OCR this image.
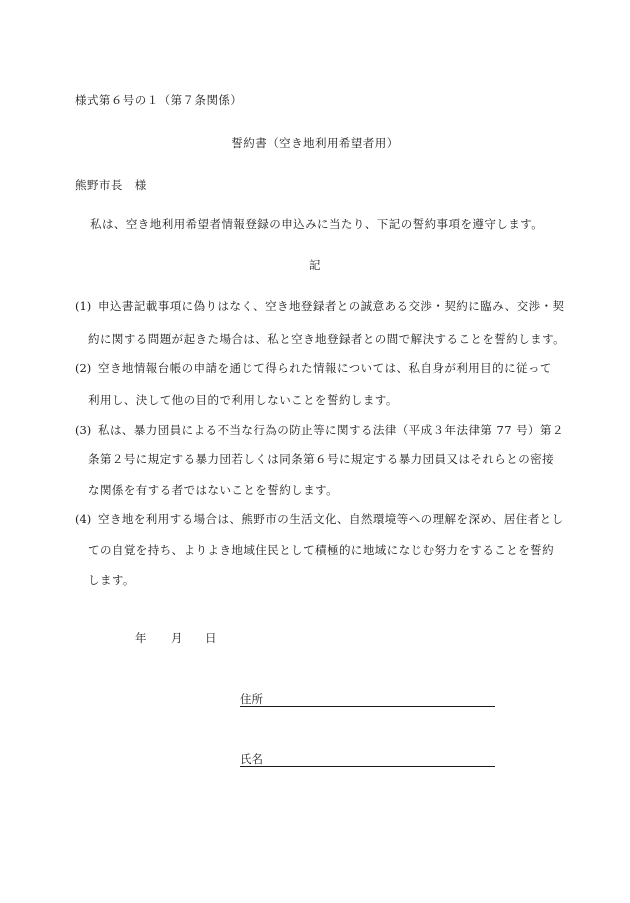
様式第６号の１（第７条関係）
誓約書（空き地利用希望者用）
熊野市長　様
私は、空き地利用希望者情報登録の申込みに当たり、下記の誓約事項を遵守します。
記
(1) 申込書記載事項に偽りはなく、空き地登録者との誠意ある交渉・契約に臨み、交渉・契
約に関する問題が起きた場合は、私と空き地登録者との間で解決することを誓約します。
(2) 空き地情報台帳の申請を通じて得られた情報については、私自身が利用目的に従って
利用し、決して他の目的で利用しないことを誓約します。
(3) 私は、暴力団員による不当な行為の防止等に関する法律（平成３年法律第 77 号）第２
条第２号に規定する暴力団若しくは同条第６号に規定する暴力団員又はそれらとの密接
な関係を有する者ではないことを誓約します。
(4) 空き地を利用する場合は、熊野市の生活文化、自然環境等への理解を深め、居住者とし
ての自覚を持ち、よりよき地域住民として積極的に地域になじむ努力をすることを誓約
します。
年 月 日
住所
氏名
